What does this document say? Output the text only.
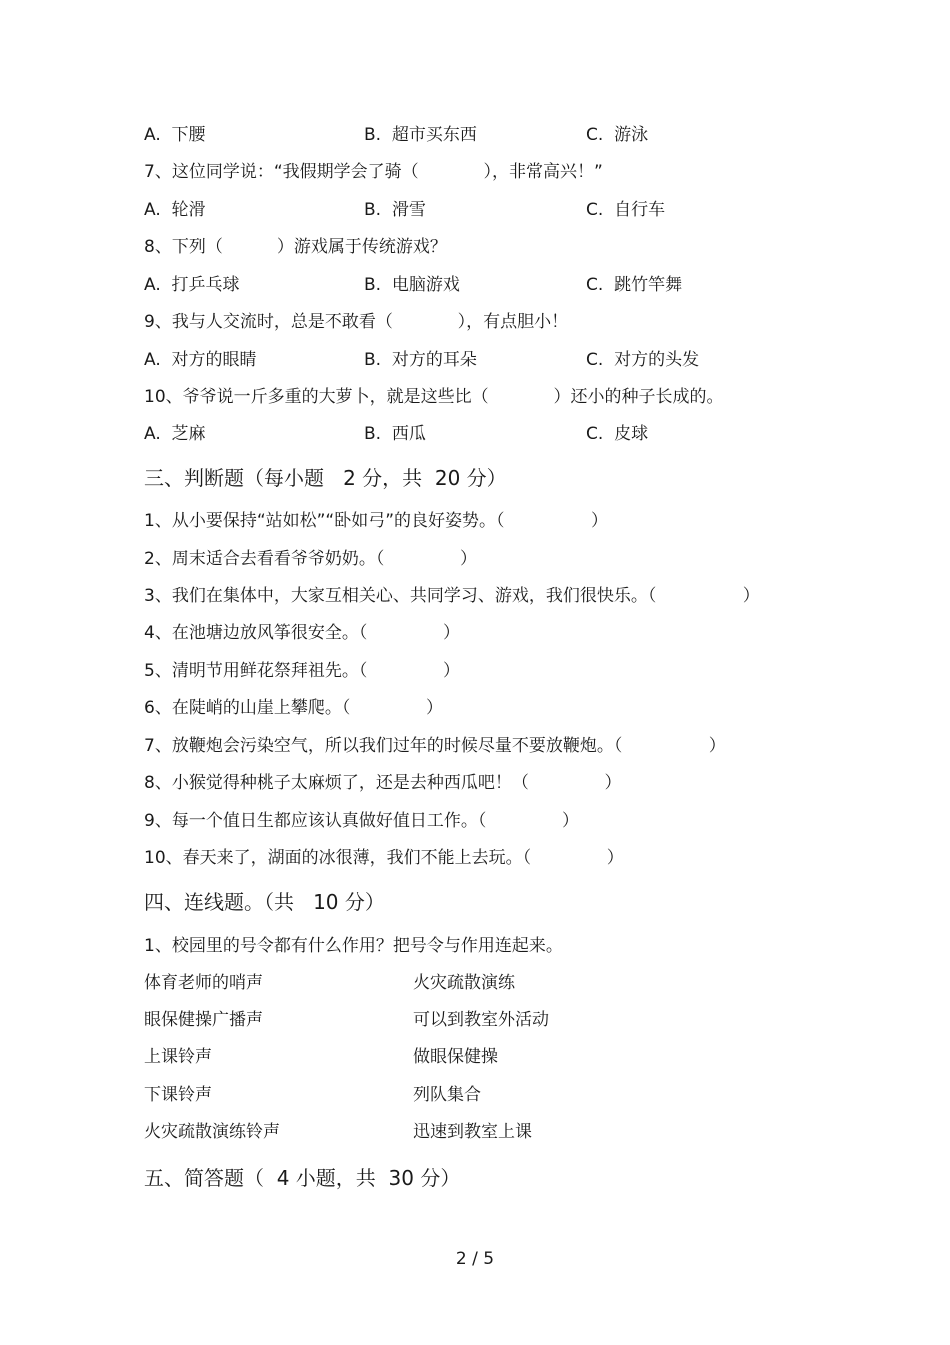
A.  下腰	B.  超市买东西	C.  游泳
7、这位同学说：“我假期学会了骑（            ），非常高兴！”
A.  轮滑	B.  滑雪	C.  自行车
8、下列（          ）游戏属于传统游戏？
A.  打乒乓球	B.  电脑游戏	C.  跳竹竿舞
9、我与人交流时，总是不敢看（            ），有点胆小！
A.  对方的眼睛	B.  对方的耳朵	C.  对方的头发
10、爷爷说一斤多重的大萝卜，就是这些比（            ）还小的种子长成的。
A.  芝麻	B.  西瓜	C.  皮球
三、判断题（每小题   2 分，共  20 分）
1、从小要保持“站如松”“卧如弓”的良好姿势。（                ）
2、周末适合去看看爷爷奶奶。（              ）
3、我们在集体中，大家互相关心、共同学习、游戏，我们很快乐。（                ）
4、在池塘边放风筝很安全。（              ）
5、清明节用鲜花祭拜祖先。（              ）
6、在陡峭的山崖上攀爬。（              ）
7、放鞭炮会污染空气，所以我们过年的时候尽量不要放鞭炮。（                ）
8、小猴觉得种桃子太麻烦了，还是去种西瓜吧！（              ）
9、每一个值日生都应该认真做好值日工作。（              ）
10、春天来了，湖面的冰很薄，我们不能上去玩。（              ）
四、连线题。（共   10 分）
1、校园里的号令都有什么作用？把号令与作用连起来。
体育老师的哨声	火灾疏散演练
眼保健操广播声	可以到教室外活动
上课铃声	做眼保健操
下课铃声	列队集合
火灾疏散演练铃声	迅速到教室上课
五、简答题（  4 小题，共  30 分）
2 / 5
